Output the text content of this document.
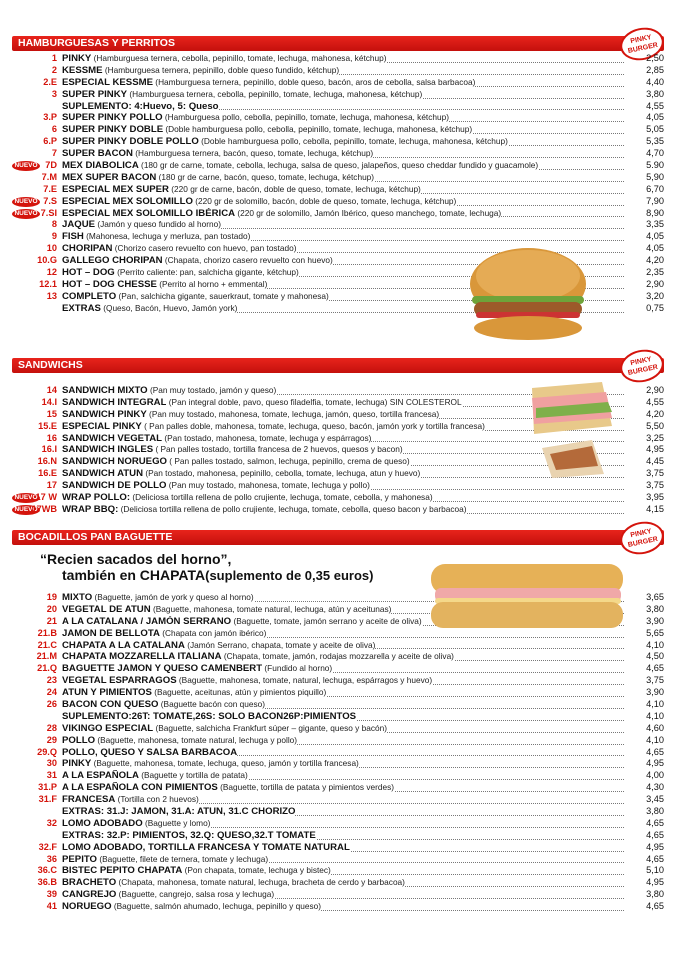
HAMBURGUESAS Y PERRITOS	PINKY BURGER
1 PINKY (Hamburguesa ternera, cebolla, pepinillo, tomate, lechuga, mahonesa, kétchup)	2,50
2 KESSME (Hamburguesa ternera, pepinillo, doble queso fundido, kétchup)	2,85
2.E ESPECIAL KESSME (Hamburguesa ternera, pepinillo, doble queso, bacón, aros de cebolla, salsa barbacoa)	4,40
3 SUPER PINKY (Hamburguesa ternera, cebolla, pepinillo, tomate, lechuga, mahonesa, kétchup)	3,80
SUPLEMENTO: 4:Huevo, 5: Queso	4,55
3.P SUPER PINKY POLLO (Hamburguesa pollo, cebolla, pepinillo, tomate, lechuga, mahonesa, kétchup)	4,05
6 SUPER PINKY DOBLE (Doble hamburguesa pollo, cebolla, pepinillo, tomate, lechuga, mahonesa, kétchup)	5,05
6.P SUPER PINKY DOBLE POLLO (Doble hamburguesa pollo, cebolla, pepinillo, tomate, lechuga, mahonesa, kétchup)	5,35
7 SUPER BACON (Hamburguesa ternera, bacón, queso, tomate, lechuga, kétchup)	4,70
NUEVO 7D MEX DIABOLICA (180 gr de carne, tomate, cebolla, lechuga, salsa de queso, jalapeños, queso cheddar fundido y guacamole)	5.90
7.M MEX SUPER BACON (180 gr de carne, bacón, queso, tomate, lechuga, kétchup)	5,90
7.E ESPECIAL MEX SUPER (220 gr de carne, bacón, doble de queso, tomate, lechuga, kétchup)	6,70
NUEVO 7.S ESPECIAL MEX SOLOMILLO (220 gr de solomillo, bacón, doble de queso, tomate, lechuga, kétchup)	7,90
NUEVO 7.SI ESPECIAL MEX SOLOMILLO IBÉRICA (220 gr de solomillo, Jamón Ibérico, queso manchego, tomate, lechuga)	8,90
8 JAQUE (Jamón y queso fundido al horno)	3,35
9 FISH (Mahonesa, lechuga y merluza, pan tostado)	4,05
10 CHORIPAN (Chorizo casero revuelto con huevo, pan tostado)	4,05
10.G GALLEGO CHORIPAN (Chapata, chorizo casero revuelto con huevo)	4,20
12 HOT – DOG (Perrito caliente: pan, salchicha gigante, kétchup)	2,35
12.1 HOT – DOG CHESSE (Perrito al horno + emmental)	2,90
13 COMPLETO (Pan, salchicha gigante, sauerkraut, tomate y mahonesa)	3,20
EXTRAS (Queso, Bacón, Huevo, Jamón york)	0,75
SANDWICHS	PINKY BURGER
14 SANDWICH MIXTO (Pan muy tostado, jamón y queso)	2,90
14.I SANDWICH INTEGRAL (Pan integral doble, pavo, queso filadelfia, tomate, lechuga) SIN COLESTEROL	4,55
15 SANDWICH PINKY (Pan muy tostado, mahonesa, tomate, lechuga, jamón, queso, tortilla francesa)	4,20
15.E ESPECIAL PINKY ( Pan palles doble, mahonesa, tomate, lechuga, queso, bacón, jamón york y tortilla francesa)	5,50
16 SANDWICH VEGETAL (Pan tostado, mahonesa, tomate, lechuga y espárragos)	3,25
16.I SANDWICH INGLES ( Pan palles tostado, tortilla francesa de 2 huevos, quesos y bacon)	4,95
16.N SANDWICH NORUEGO ( Pan palles tostado, salmon, lechuga, pepinillo, crema de queso)	4,45
16.E SANDWICH ATUN (Pan tostado, mahonesa, pepinillo, cebolla, tomate, lechuga, atun y huevo)	3,75
17 SANDWICH DE POLLO (Pan muy tostado, mahonesa, tomate, lechuga y pollo)	3,75
NUEVO
17 W WRAP POLLO: (Deliciosa tortilla rellena de pollo crujiente, lechuga, tomate, cebolla, y mahonesa)	3,95
NUEVO
17WB WRAP BBQ: (Deliciosa tortilla rellena de pollo crujiente, lechuga, tomate, cebolla, queso bacon y barbacoa)	4,15
BOCADILLOS PAN BAGUETTE	PINKY BURGER
“Recien sacados del horno”,
también en CHAPATA(suplemento de 0,35 euros)
19 MIXTO (Baguette, jamón de york y queso al horno)	3,65
20 VEGETAL DE ATUN (Baguette, mahonesa, tomate natural, lechuga, atún y aceitunas)	3,80
21 A LA CATALANA / JAMÓN SERRANO (Baguette, tomate, jamón serrano y aceite de oliva)	3,90
21.B JAMON DE BELLOTA (Chapata con jamón ibérico)	5,65
21.C CHAPATA A LA CATALANA (Jamón Serrano, chapata, tomate y aceite de oliva)	4,10
21.M CHAPATA MOZZARELLA ITALIANA (Chapata, tomate, jamón, rodajas mozzarella y aceite de oliva)	4,50
21.Q BAGUETTE JAMON Y QUESO CAMENBERT (Fundido al horno)	4,65
23 VEGETAL ESPARRAGOS (Baguette, mahonesa, tomate, natural, lechuga, espárragos y huevo)	3,75
24 ATUN Y PIMIENTOS (Baguette, aceitunas, atún y pimientos piquillo)	3,90
26 BACON CON QUESO (Baguette bacón con queso)	4,10
SUPLEMENTO:26T: TOMATE,26S: SOLO BACON26P:PIMIENTOS	4,10
28 VIKINGO ESPECIAL (Baguette, salchicha Frankfurt súper – gigante, queso y bacón)	4,60
29 POLLO (Baguette, mahonesa, tomate natural, lechuga y pollo)	4,10
29.Q POLLO, QUESO Y SALSA BARBACOA	4,65
30 PINKY (Baguette, mahonesa, tomate, lechuga, queso, jamón y tortilla francesa)	4,95
31 A LA ESPAÑOLA (Baguette y tortilla de patata)	4,00
31.P A LA ESPAÑOLA CON PIMIENTOS (Baguette, tortilla de patata y pimientos verdes)	4,30
31.F FRANCESA (Tortilla con 2 huevos)	3,45
EXTRAS: 31.J: JAMON, 31.A: ATUN, 31.C CHORIZO	3,80
32 LOMO ADOBADO (Baguette y lomo)	4,65
EXTRAS: 32.P: PIMIENTOS, 32.Q: QUESO,32.T TOMATE	4,65
32.F LOMO ADOBADO, TORTILLA FRANCESA Y TOMATE NATURAL	4,95
36 PEPITO (Baguette, filete de ternera, tomate y lechuga)	4,65
36.C BISTEC PEPITO CHAPATA (Pon chapata, tomate, lechuga y bistec)	5,10
36.B BRACHETO (Chapata, mahonesa, tomate natural, lechuga, bracheta de cerdo y barbacoa)	4,95
39 CANGREJO (Baguette, cangrejo, salsa rosa y lechuga)	3,80
41 NORUEGO (Baguette, salmón ahumado, lechuga, pepinillo y queso)	4,65
